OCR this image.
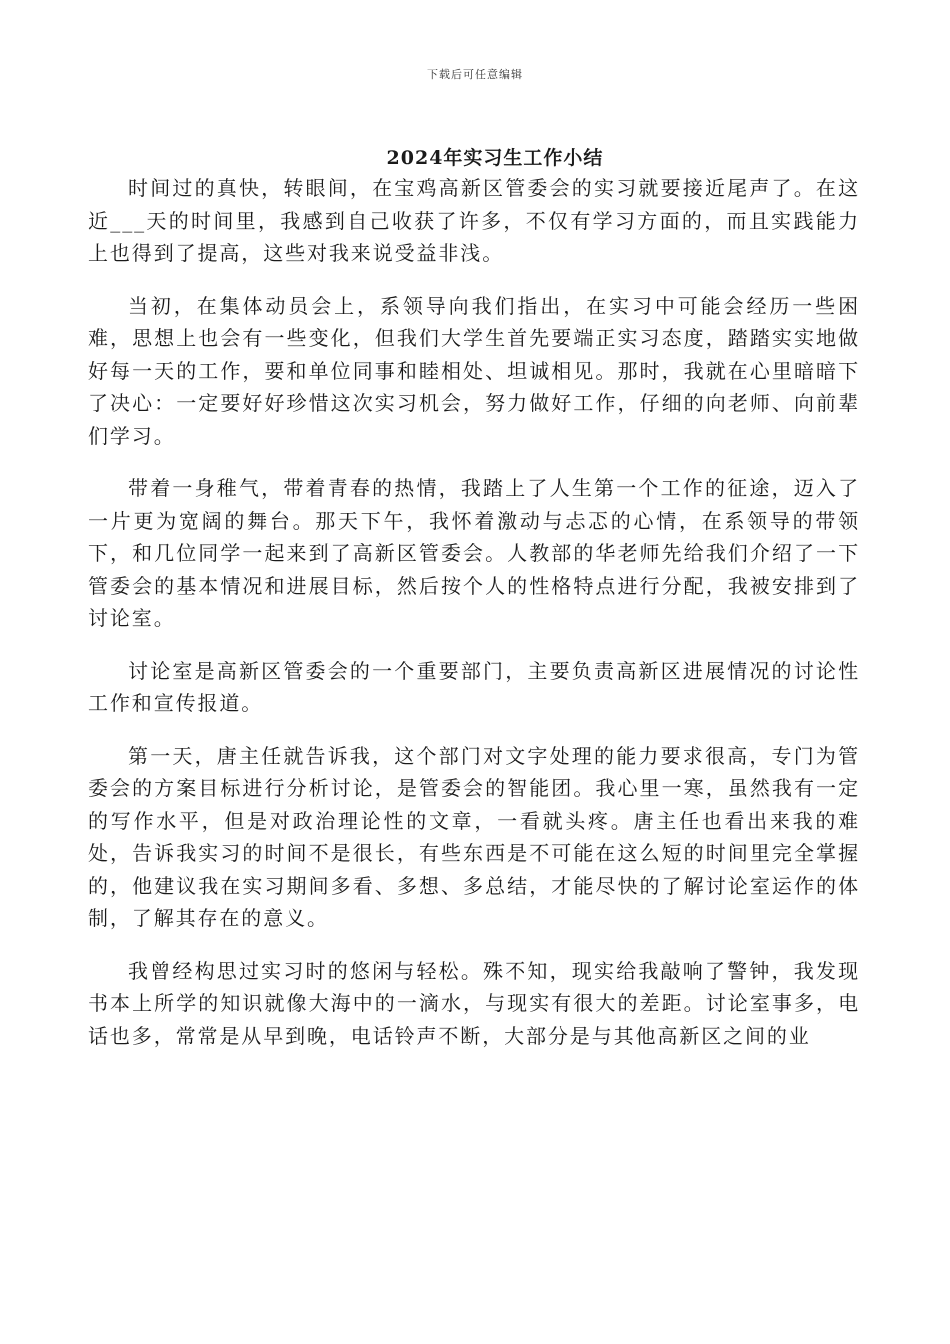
下载后可任意编辑
2024年实习生工作小结

时间过的真快，转眼间，在宝鸡高新区管委会的实习就要接近尾声了。在这近___天的时间里，我感到自己收获了许多，不仅有学习方面的，而且实践能力上也得到了提高，这些对我来说受益非浅。

当初，在集体动员会上，系领导向我们指出，在实习中可能会经历一些困难，思想上也会有一些变化，但我们大学生首先要端正实习态度，踏踏实实地做好每一天的工作，要和单位同事和睦相处、坦诚相见。那时，我就在心里暗暗下了决心：一定要好好珍惜这次实习机会，努力做好工作，仔细的向老师、向前辈们学习。

带着一身稚气，带着青春的热情，我踏上了人生第一个工作的征途，迈入了一片更为宽阔的舞台。那天下午，我怀着激动与忐忑的心情，在系领导的带领下，和几位同学一起来到了高新区管委会。人教部的华老师先给我们介绍了一下管委会的基本情况和进展目标，然后按个人的性格特点进行分配，我被安排到了讨论室。

讨论室是高新区管委会的一个重要部门，主要负责高新区进展情况的讨论性工作和宣传报道。

第一天，唐主任就告诉我，这个部门对文字处理的能力要求很高，专门为管委会的方案目标进行分析讨论，是管委会的智能团。我心里一寒，虽然我有一定的写作水平，但是对政治理论性的文章，一看就头疼。唐主任也看出来我的难处，告诉我实习的时间不是很长，有些东西是不可能在这么短的时间里完全掌握的，他建议我在实习期间多看、多想、多总结，才能尽快的了解讨论室运作的体制，了解其存在的意义。

我曾经构思过实习时的悠闲与轻松。殊不知，现实给我敲响了警钟，我发现书本上所学的知识就像大海中的一滴水，与现实有很大的差距。讨论室事多，电话也多，常常是从早到晚，电话铃声不断，大部分是与其他高新区之间的业
